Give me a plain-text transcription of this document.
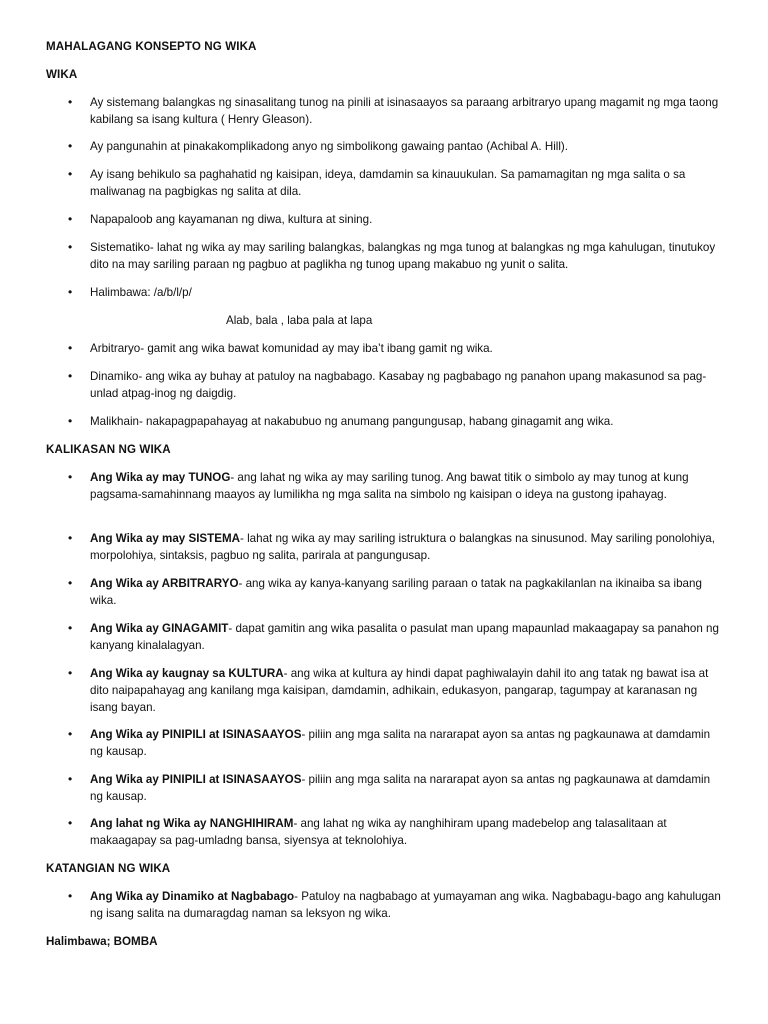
MAHALAGANG KONSEPTO NG WIKA

WIKA

• Ay sistemang balangkas ng sinasalitang tunog na pinili at isinasaayos sa paraang arbitraryo upang magamit ng mga taong kabilang sa isang kultura ( Henry Gleason).
• Ay pangunahin at pinakakomplikadong anyo ng simbolikong gawaing pantao (Achibal A. Hill).
• Ay isang behikulo sa paghahatid ng kaisipan, ideya, damdamin sa kinauukulan. Sa pamamagitan ng mga salita o sa maliwanag na pagbigkas ng salita at dila.
• Napapaloob ang kayamanan ng diwa, kultura at sining.
• Sistematiko- lahat ng wika ay may sariling balangkas, balangkas ng mga tunog at balangkas ng mga kahulugan, tinutukoy dito na may sariling paraan ng pagbuo at paglikha ng tunog upang makabuo ng yunit o salita.
• Halimbawa: /a/b/l/p/

Alab, bala , laba pala at lapa

• Arbitraryo- gamit ang wika bawat komunidad ay may iba’t ibang gamit ng wika.
• Dinamiko- ang wika ay buhay at patuloy na nagbabago. Kasabay ng pagbabago ng panahon upang makasunod sa pag-unlad atpag-inog ng daigdig.
• Malikhain- nakapagpapahayag at nakabubuo ng anumang pangungusap, habang ginagamit ang wika.

KALIKASAN NG WIKA

• Ang Wika ay may TUNOG- ang lahat ng wika ay may sariling tunog. Ang bawat titik o simbolo ay may tunog at kung pagsama-samahinnang maayos ay lumilikha ng mga salita na simbolo ng kaisipan o ideya na gustong ipahayag.
• Ang Wika ay may SISTEMA- lahat ng wika ay may sariling istruktura o balangkas na sinusunod. May sariling ponolohiya, morpolohiya, sintaksis, pagbuo ng salita, parirala at pangungusap.
• Ang Wika ay ARBITRARYO- ang wika ay kanya-kanyang sariling paraan o tatak na pagkakilanlan na ikinaiba sa ibang wika.
• Ang Wika ay GINAGAMIT- dapat gamitin ang wika pasalita o pasulat man upang mapaunlad makaagapay sa panahon ng kanyang kinalalagyan.
• Ang Wika ay kaugnay sa KULTURA- ang wika at kultura ay hindi dapat paghiwalayin dahil ito ang tatak ng bawat isa at dito naipapahayag ang kanilang mga kaisipan, damdamin, adhikain, edukasyon, pangarap, tagumpay at karanasan ng isang bayan.
• Ang Wika ay PINIPILI at ISINASAAYOS- piliin ang mga salita na nararapat ayon sa antas ng pagkaunawa at damdamin ng kausap.
• Ang Wika ay PINIPILI at ISINASAAYOS- piliin ang mga salita na nararapat ayon sa antas ng pagkaunawa at damdamin ng kausap.
• Ang lahat ng Wika ay NANGHIHIRAM- ang lahat ng wika ay nanghihiram upang madebelop ang talasalitaan at makaagapay sa pag-umladng bansa, siyensya at teknolohiya.

KATANGIAN NG WIKA

• Ang Wika ay Dinamiko at Nagbabago- Patuloy na nagbabago at yumayaman ang wika. Nagbabagu-bago ang kahulugan ng isang salita na dumaragdag naman sa leksyon ng wika.

Halimbawa; BOMBA
